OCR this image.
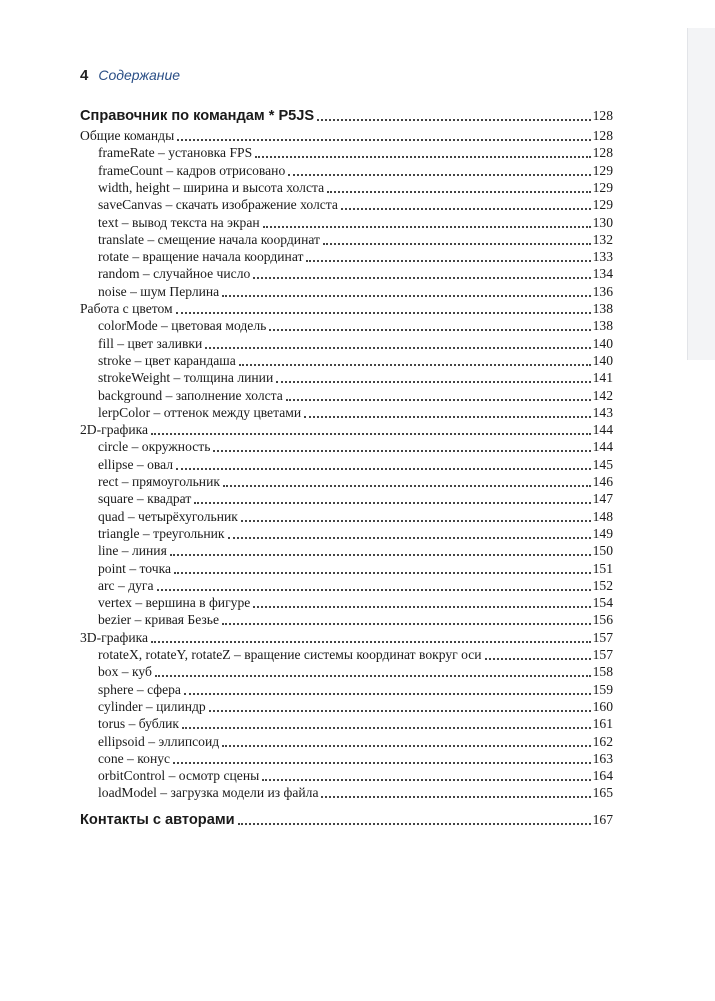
4 Содержание
Справочник по командам * P5JS	128
Общие команды	128
frameRate – установка FPS	128
frameCount – кадров отрисовано	129
width, height – ширина и высота холста	129
saveCanvas – скачать изображение холста	129
text – вывод текста на экран	130
translate – смещение начала координат	132
rotate – вращение начала координат	133
random – случайное число	134
noise – шум Перлина	136
Работа с цветом	138
colorMode – цветовая модель	138
fill – цвет заливки	140
stroke – цвет карандаша	140
strokeWeight – толщина линии	141
background – заполнение холста	142
lerpColor – оттенок между цветами	143
2D-графика	144
circle – окружность	144
ellipse – овал	145
rect – прямоугольник	146
square – квадрат	147
quad – четырёхугольник	148
triangle – треугольник	149
line – линия	150
point – точка	151
arc – дуга	152
vertex – вершина в фигуре	154
bezier – кривая Безье	156
3D-графика	157
rotateX, rotateY, rotateZ – вращение системы координат вокруг оси	157
box – куб	158
sphere – сфера	159
cylinder – цилиндр	160
torus – бублик	161
ellipsoid – эллипсоид	162
cone – конус	163
orbitControl – осмотр сцены	164
loadModel – загрузка модели из файла	165
Контакты с авторами	167
